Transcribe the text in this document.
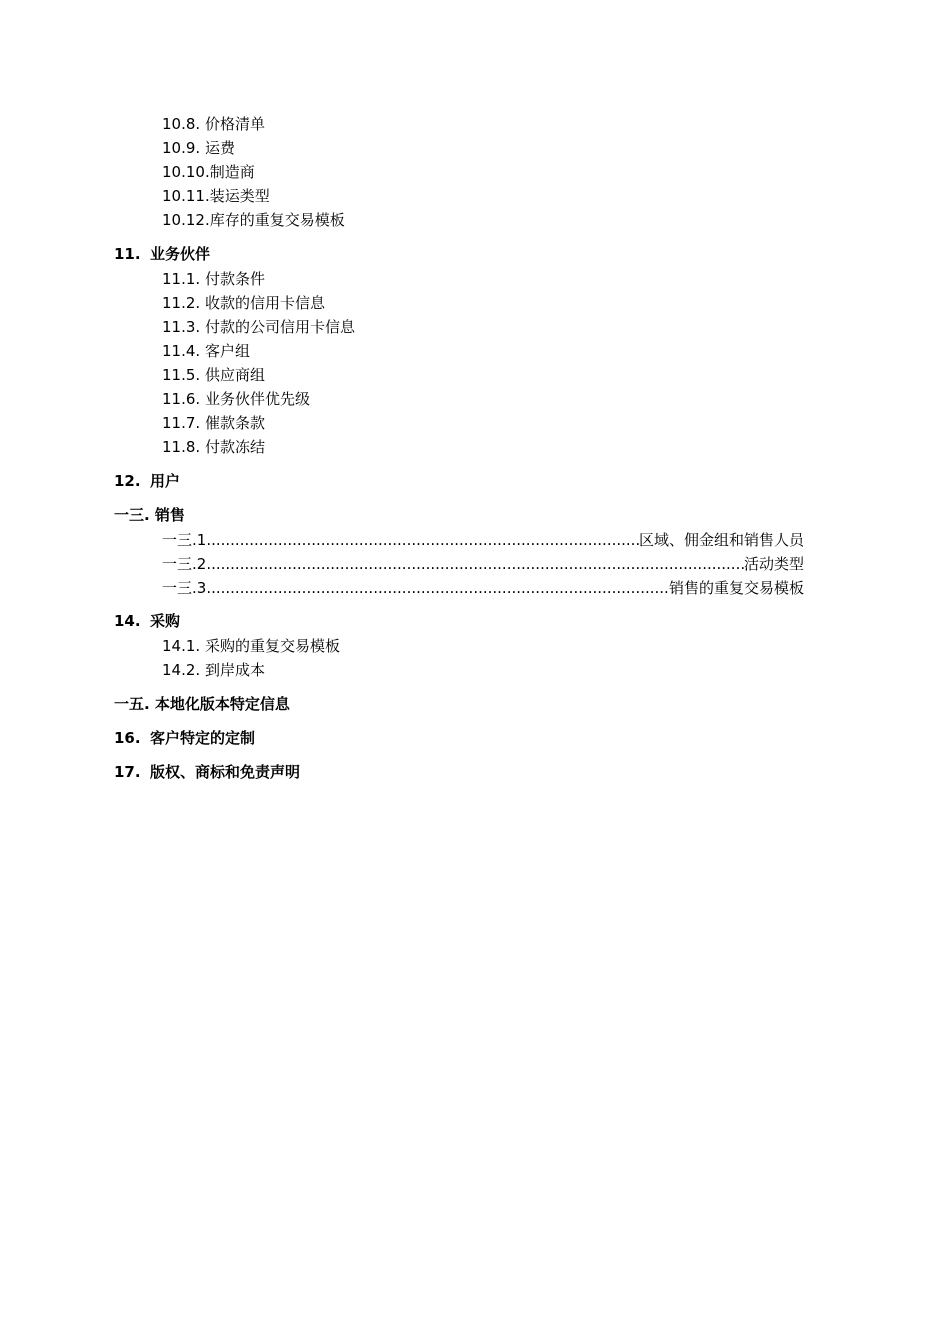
10.8. 价格清单
10.9. 运费
10.10.制造商
10.11.装运类型
10.12.库存的重复交易模板
11. 业务伙伴
11.1. 付款条件
11.2. 收款的信用卡信息
11.3. 付款的公司信用卡信息
11.4. 客户组
11.5. 供应商组
11.6. 业务伙伴优先级
11.7. 催款条款
11.8. 付款冻结
12. 用户
一三. 销售
一三.1 .....	区域、佣金组和销售人员
一三.2 .....	活动类型
一三.3 .....	销售的重复交易模板
14. 采购
14.1. 采购的重复交易模板
14.2. 到岸成本
一五. 本地化版本特定信息
16. 客户特定的定制
17. 版权、商标和免责声明
